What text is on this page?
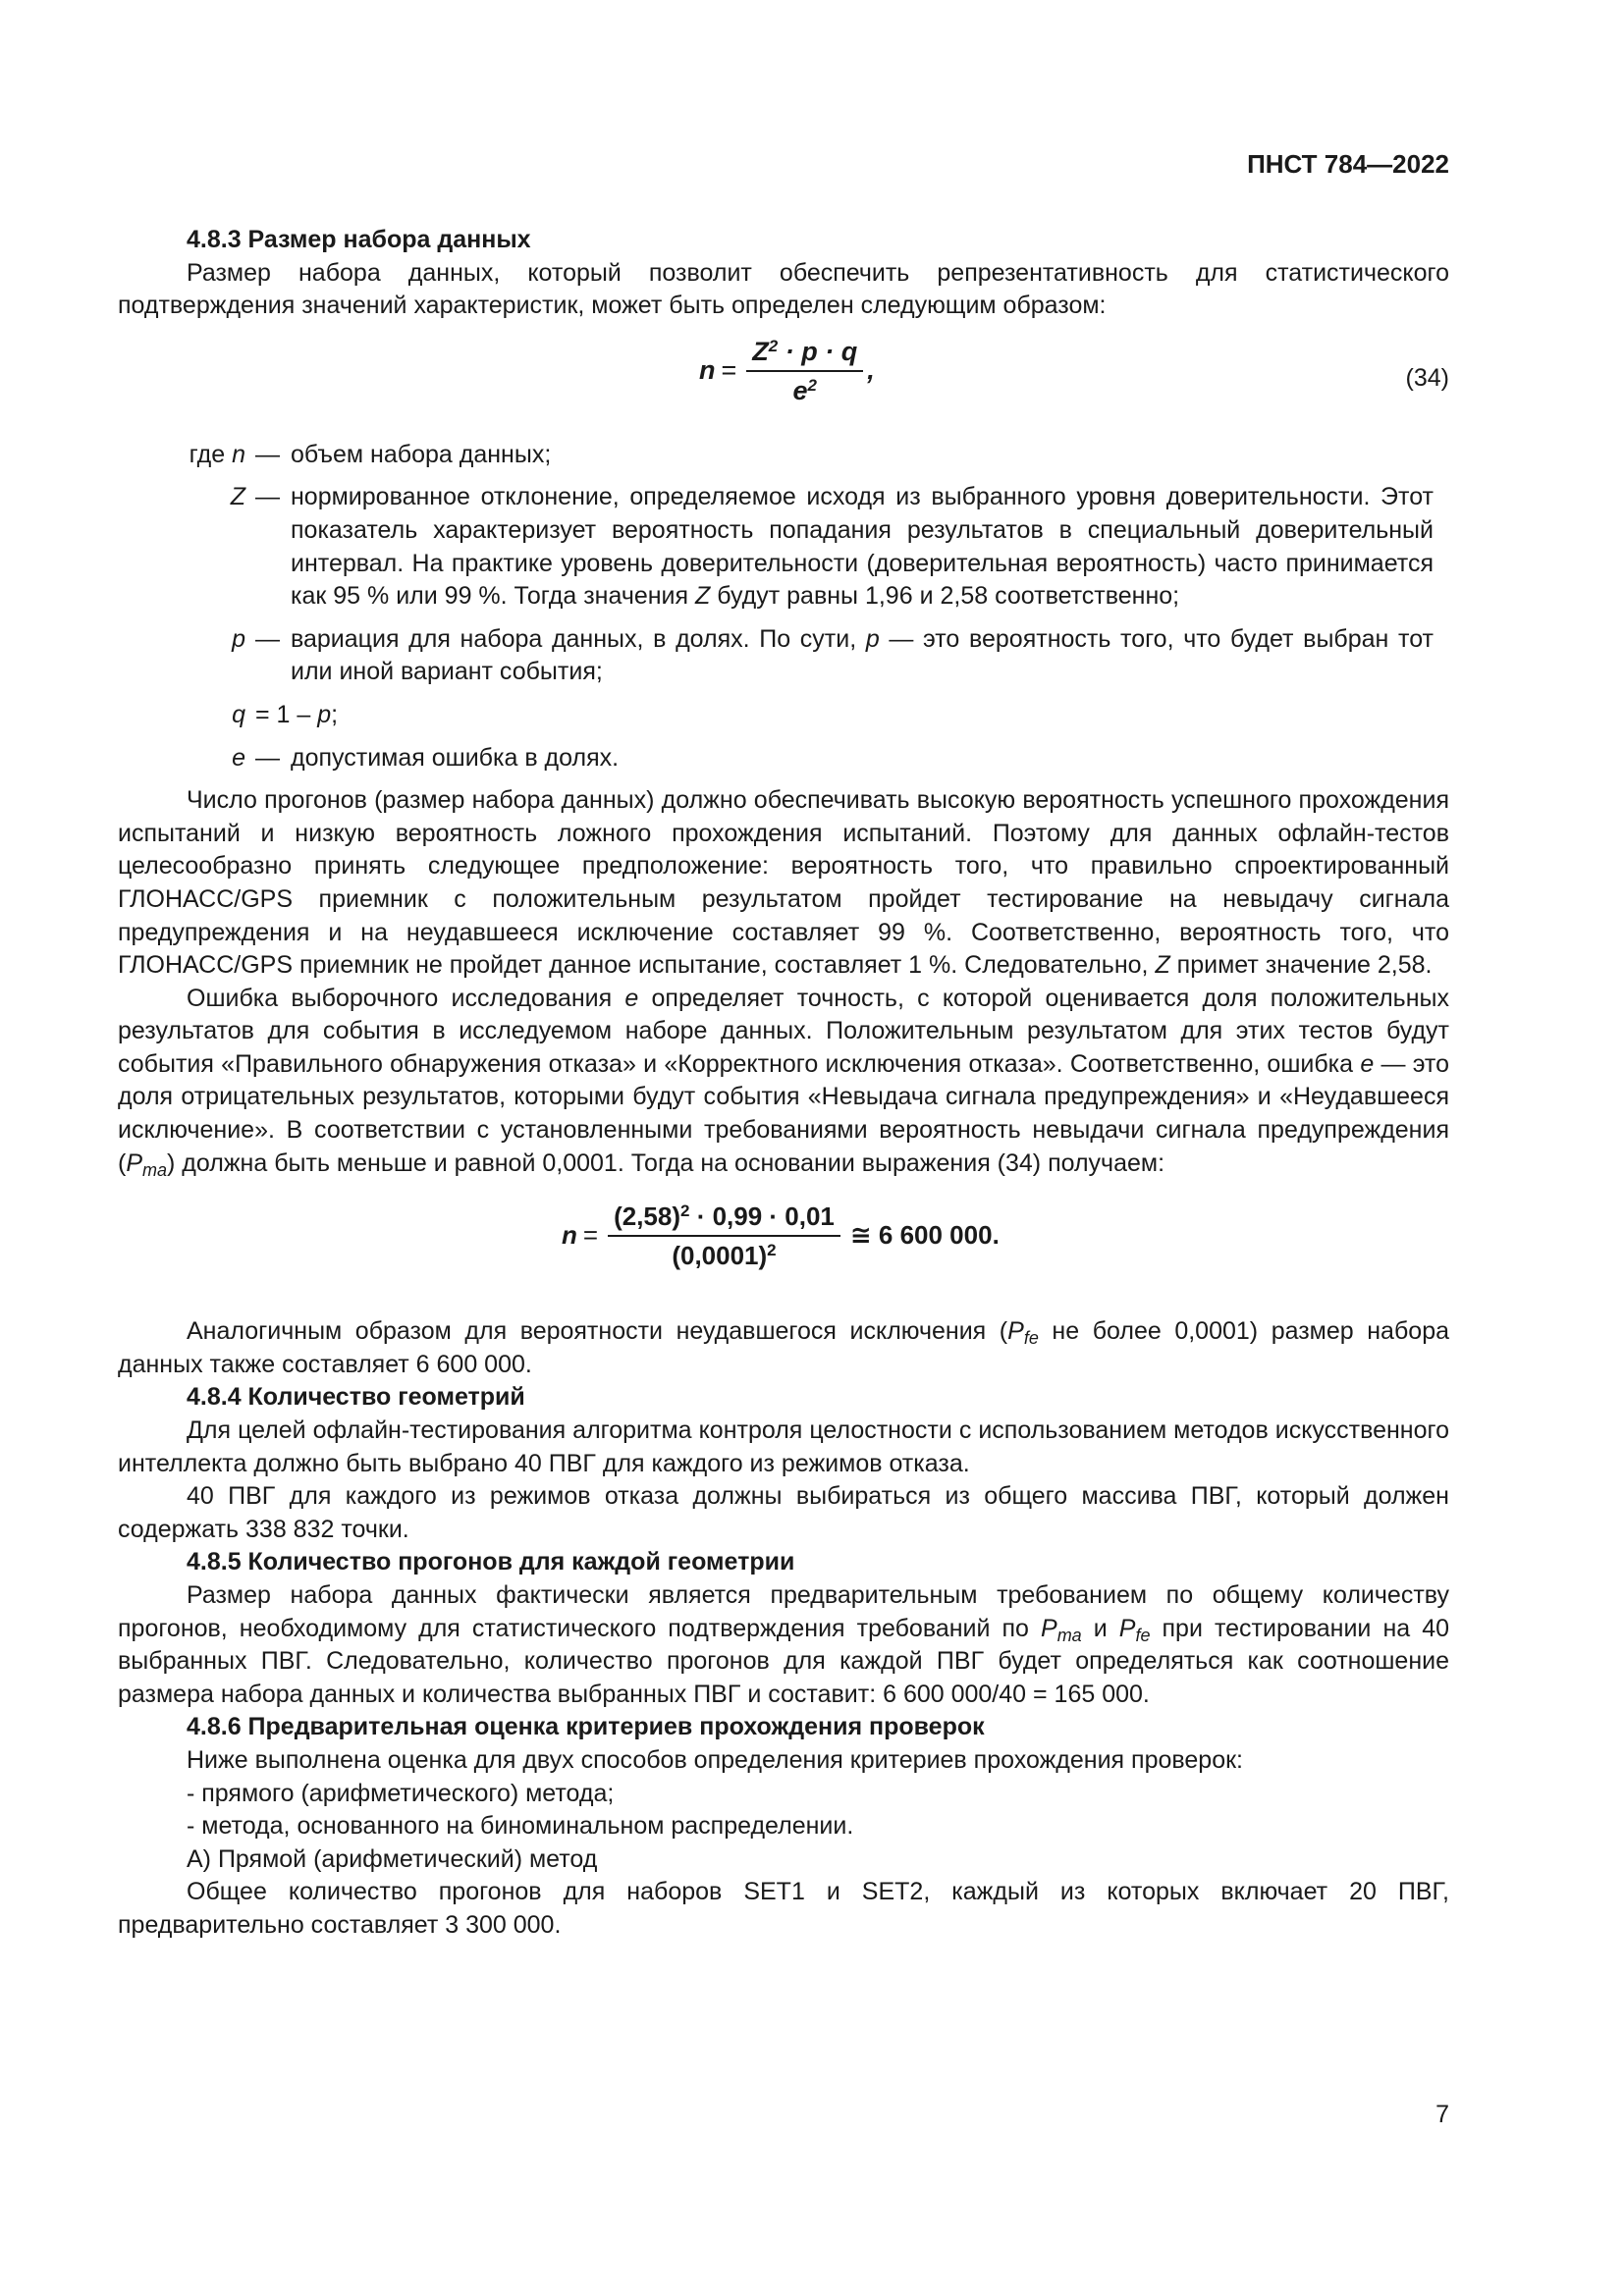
ПНСТ 784—2022

4.8.3 Размер набора данных

Размер набора данных, который позволит обеспечить репрезентативность для статистического подтверждения значений характеристик, может быть определен следующим образом:

$n = \frac{Z^2 \cdot p \cdot q}{e^2}$ ,	(34)
где n — объем набора данных;
Z — нормированное отклонение, определяемое исходя из выбранного уровня доверительности. Этот показатель характеризует вероятность попадания результатов в специальный доверительный интервал. На практике уровень доверительности (доверительная вероятность) часто принимается как 95 % или 99 %. Тогда значения Z будут равны 1,96 и 2,58 соответственно;
p — вариация для набора данных, в долях. По сути, p — это вероятность того, что будет выбран тот или иной вариант события;
q = 1 – p;
e — допустимая ошибка в долях.

Число прогонов (размер набора данных) должно обеспечивать высокую вероятность успешного прохождения испытаний и низкую вероятность ложного прохождения испытаний. Поэтому для данных офлайн-тестов целесообразно принять следующее предположение: вероятность того, что правильно спроектированный ГЛОНАСС/GPS приемник с положительным результатом пройдет тестирование на невыдачу сигнала предупреждения и на неудавшееся исключение составляет 99 %. Соответственно, вероятность того, что ГЛОНАСС/GPS приемник не пройдет данное испытание, составляет 1 %. Следовательно, Z примет значение 2,58.

Ошибка выборочного исследования e определяет точность, с которой оценивается доля положительных результатов для события в исследуемом наборе данных. Положительным результатом для этих тестов будут события «Правильного обнаружения отказа» и «Корректного исключения отказа». Соответственно, ошибка e — это доля отрицательных результатов, которыми будут события «Невыдача сигнала предупреждения» и «Неудавшееся исключение». В соответствии с установленными требованиями вероятность невыдачи сигнала предупреждения $(P_{ma})$ должна быть меньше и равной 0,0001. Тогда на основании выражения (34) получаем:

$n = \frac{(2,58)^2 \cdot 0,99 \cdot 0,01}{(0,0001)^2}$ ≅ 6 600 000.

Аналогичным образом для вероятности неудавшегося исключения ($P_{fe}$ не более 0,0001) размер набора данных также составляет 6 600 000.

4.8.4 Количество геометрий

Для целей офлайн-тестирования алгоритма контроля целостности с использованием методов искусственного интеллекта должно быть выбрано 40 ПВГ для каждого из режимов отказа.

40 ПВГ для каждого из режимов отказа должны выбираться из общего массива ПВГ, который должен содержать 338 832 точки.

4.8.5 Количество прогонов для каждой геометрии

Размер набора данных фактически является предварительным требованием по общему количеству прогонов, необходимому для статистического подтверждения требований по $P_{ma}$ и $P_{fe}$ при тестировании на 40 выбранных ПВГ. Следовательно, количество прогонов для каждой ПВГ будет определяться как соотношение размера набора данных и количества выбранных ПВГ и составит: 6 600 000/40 = 165 000.

4.8.6 Предварительная оценка критериев прохождения проверок

Ниже выполнена оценка для двух способов определения критериев прохождения проверок:

- прямого (арифметического) метода;

- метода, основанного на биноминальном распределении.

А) Прямой (арифметический) метод

Общее количество прогонов для наборов SET1 и SET2, каждый из которых включает 20 ПВГ, предварительно составляет 3 300 000.

7
